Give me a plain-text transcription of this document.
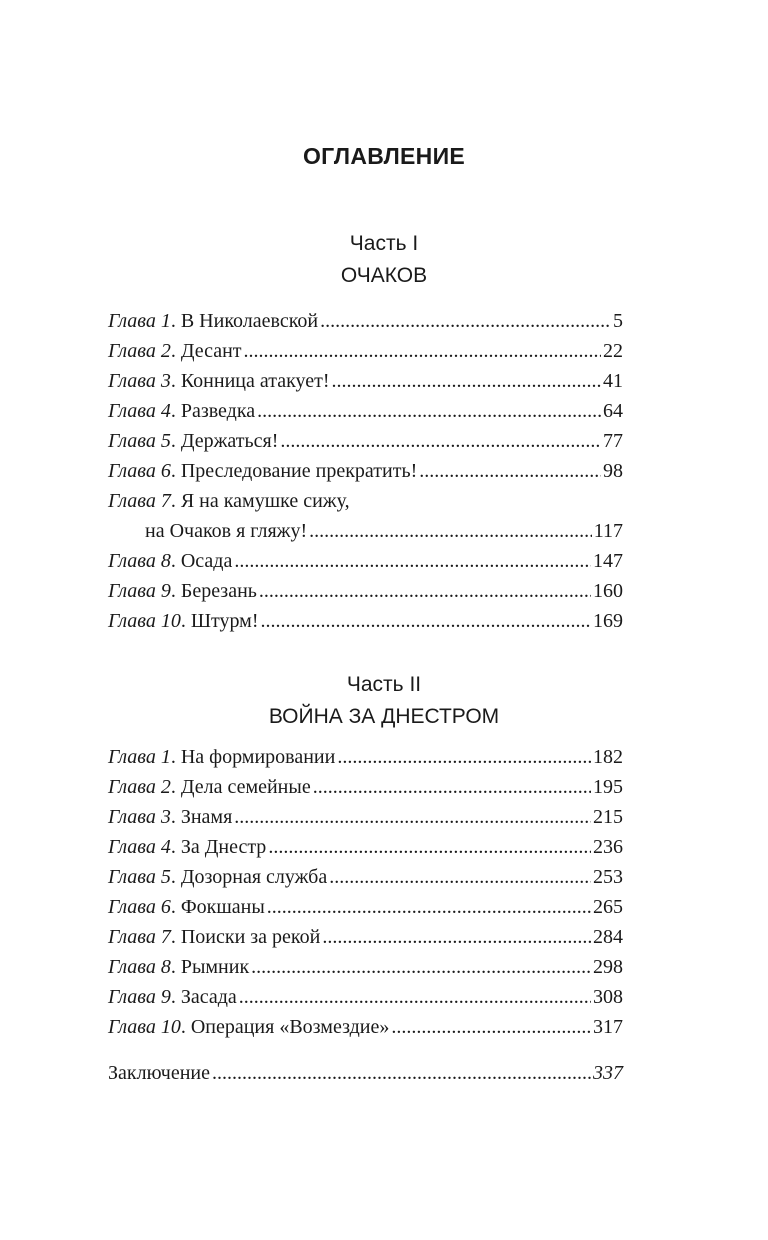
ОГЛАВЛЕНИЕ
Часть I
ОЧАКОВ
Глава 1. В Николаевской .....	5
Глава 2. Десант .....	22
Глава 3. Конница атакует! .....	41
Глава 4. Разведка .....	64
Глава 5. Держаться! .....	77
Глава 6. Преследование прекратить! .....	98
Глава 7. Я на камушке сижу,
на Очаков я гляжу! .....	117
Глава 8. Осада .....	147
Глава 9. Березань .....	160
Глава 10. Штурм! .....	169
Часть II
ВОЙНА ЗА ДНЕСТРОМ
Глава 1. На формировании .....	182
Глава 2. Дела семейные .....	195
Глава 3. Знамя .....	215
Глава 4. За Днестр .....	236
Глава 5. Дозорная служба .....	253
Глава 6. Фокшаны .....	265
Глава 7. Поиски за рекой .....	284
Глава 8. Рымник .....	298
Глава 9. Засада .....	308
Глава 10. Операция «Возмездие» .....	317
Заключение .....	337
